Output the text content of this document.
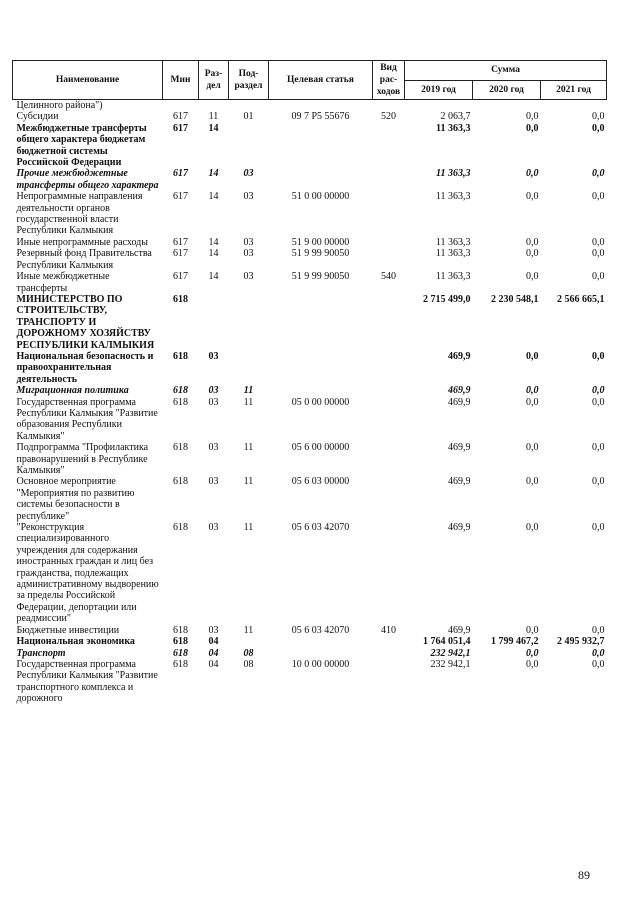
Наименование	Мин	Раз-дел	Под-раздел	Целевая статья	Вид рас-ходов	Сумма		
						2019 год	2020 год	2021 год
Целинного района")								
Субсидии	617	11	01	09 7 P5 55676	520	2 063,7	0,0	0,0
Межбюджетные трансферты общего характера бюджетам бюджетной системы Российской Федерации	617	14				11 363,3	0,0	0,0
Прочие межбюджетные трансферты общего характера	617	14	03			11 363,3	0,0	0,0
Непрограммные направления деятельности органов государственной власти Республики Калмыкия	617	14	03	51 0 00 00000		11 363,3	0,0	0,0
Иные непрограммные расходы	617	14	03	51 9 00 00000		11 363,3	0,0	0,0
Резервный фонд Правительства Республики Калмыкия	617	14	03	51 9 99 90050		11 363,3	0,0	0,0
Иные межбюджетные трансферты	617	14	03	51 9 99 90050	540	11 363,3	0,0	0,0
МИНИСТЕРСТВО ПО СТРОИТЕЛЬСТВУ, ТРАНСПОРТУ И ДОРОЖНОМУ ХОЗЯЙСТВУ РЕСПУБЛИКИ КАЛМЫКИЯ	618					2 715 499,0	2 230 548,1	2 566 665,1
Национальная безопасность и правоохранительная деятельность	618	03				469,9	0,0	0,0
Миграционная политика	618	03	11			469,9	0,0	0,0
Государственная программа Республики Калмыкия "Развитие образования Республики Калмыкия"	618	03	11	05 0 00 00000		469,9	0,0	0,0
Подпрограмма "Профилактика правонарушений в Республике Калмыкия"	618	03	11	05 6 00 00000		469,9	0,0	0,0
Основное мероприятие "Мероприятия по развитию системы безопасности в республике"	618	03	11	05 6 03 00000		469,9	0,0	0,0
"Реконструкция специализированного учреждения для содержания иностранных граждан и лиц без гражданства, подлежащих административному выдворению за пределы Российской Федерации, депортации или реадмиссии"	618	03	11	05 6 03 42070		469,9	0,0	0,0
Бюджетные инвестиции	618	03	11	05 6 03 42070	410	469,9	0,0	0,0
Национальная экономика	618	04				1 764 051,4	1 799 467,2	2 495 932,7
Транспорт	618	04	08			232 942,1	0,0	0,0
Государственная программа Республики Калмыкия "Развитие транспортного комплекса и дорожного	618	04	08	10 0 00 00000		232 942,1	0,0	0,0
89
